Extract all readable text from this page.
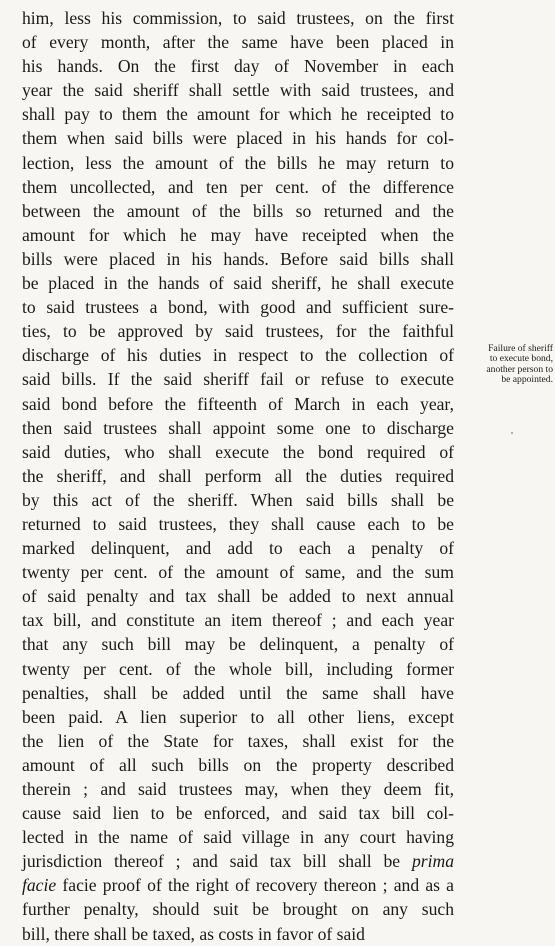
him, less his commission, to said trustees, on the first
of every month, after the same have been placed in
his hands. On the first day of November in each
year the said sheriff shall settle with said trustees, and
shall pay to them the amount for which he receipted to
them when said bills were placed in his hands for col-
lection, less the amount of the bills he may return to
them uncollected, and ten per cent. of the difference
between the amount of the bills so returned and the
amount for which he may have receipted when the
bills were placed in his hands. Before said bills shall
be placed in the hands of said sheriff, he shall execute
to said trustees a bond, with good and sufficient sure-
ties, to be approved by said trustees, for the faithful
discharge of his duties in respect to the collection of
said bills. If the said sheriff fail or refuse to execute
said bond before the fifteenth of March in each year,
then said trustees shall appoint some one to discharge
said duties, who shall execute the bond required of
the sheriff, and shall perform all the duties required
by this act of the sheriff. When said bills shall be
returned to said trustees, they shall cause each to be
marked delinquent, and add to each a penalty of
twenty per cent. of the amount of same, and the sum
of said penalty and tax shall be added to next annual
tax bill, and constitute an item thereof ; and each year
that any such bill may be delinquent, a penalty of
twenty per cent. of the whole bill, including former
penalties, shall be added until the same shall have
been paid. A lien superior to all other liens, except
the lien of the State for taxes, shall exist for the
amount of all such bills on the property described
therein ; and said trustees may, when they deem fit,
cause said lien to be enforced, and said tax bill col-
lected in the name of said village in any court having
jurisdiction thereof ; and said tax bill shall be prima
facie facie proof of the right of recovery thereon ; and as a
further penalty, should suit be brought on any such
bill, there shall be taxed, as costs in favor of said
Failure of sheriff
to execute bond,
another person to
be appointed.
